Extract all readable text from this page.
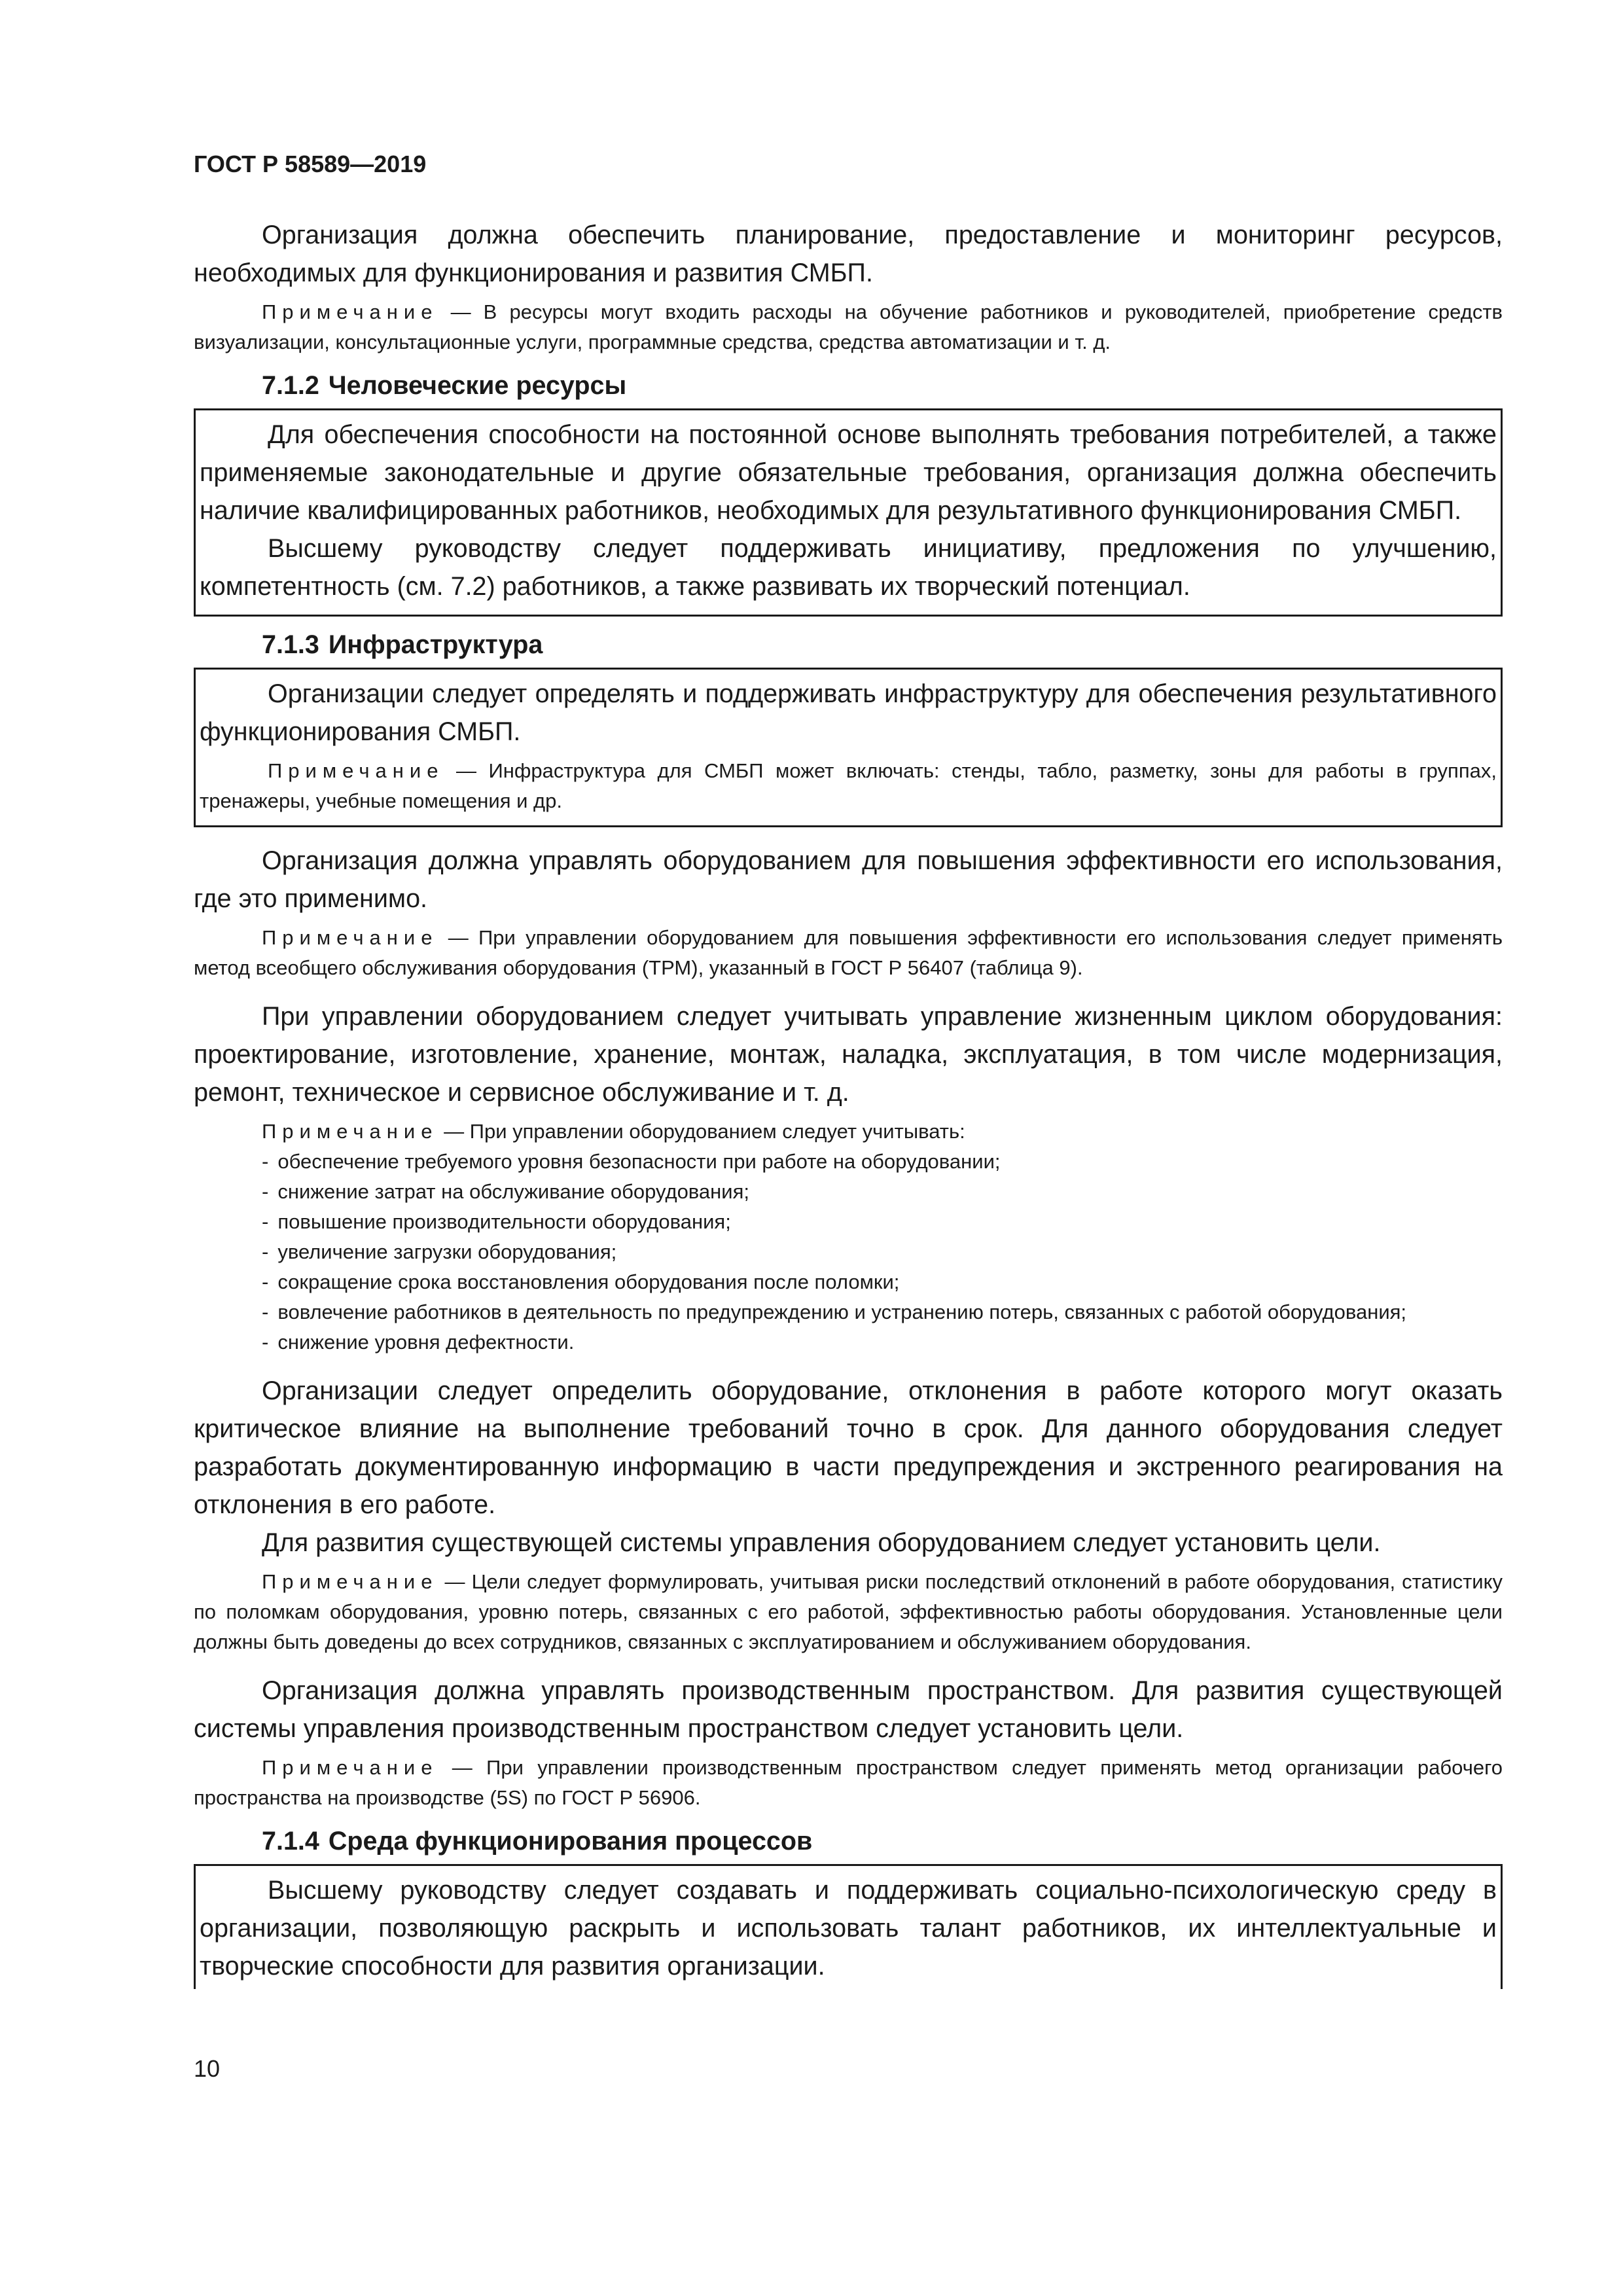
ГОСТ Р 58589—2019

Организация должна обеспечить планирование, предоставление и мониторинг ресурсов, необходимых для функционирования и развития СМБП.

Примечание — В ресурсы могут входить расходы на обучение работников и руководителей, приобретение средств визуализации, консультационные услуги, программные средства, средства автоматизации и т. д.

7.1.2 Человеческие ресурсы

Для обеспечения способности на постоянной основе выполнять требования потребителей, а также применяемые законодательные и другие обязательные требования, организация должна обеспечить наличие квалифицированных работников, необходимых для результативного функционирования СМБП.

Высшему руководству следует поддерживать инициативу, предложения по улучшению, компетентность (см. 7.2) работников, а также развивать их творческий потенциал.

7.1.3 Инфраструктура

Организации следует определять и поддерживать инфраструктуру для обеспечения результативного функционирования СМБП.

Примечание — Инфраструктура для СМБП может включать: стенды, табло, разметку, зоны для работы в группах, тренажеры, учебные помещения и др.

Организация должна управлять оборудованием для повышения эффективности его использования, где это применимо.

Примечание — При управлении оборудованием для повышения эффективности его использования следует применять метод всеобщего обслуживания оборудования (ТРМ), указанный в ГОСТ Р 56407 (таблица 9).

При управлении оборудованием следует учитывать управление жизненным циклом оборудования: проектирование, изготовление, хранение, монтаж, наладка, эксплуатация, в том числе модернизация, ремонт, техническое и сервисное обслуживание и т. д.

Примечание — При управлении оборудованием следует учитывать:

- обеспечение требуемого уровня безопасности при работе на оборудовании;
- снижение затрат на обслуживание оборудования;
- повышение производительности оборудования;
- увеличение загрузки оборудования;
- сокращение срока восстановления оборудования после поломки;
- вовлечение работников в деятельность по предупреждению и устранению потерь, связанных с работой оборудования;
- снижение уровня дефектности.

Организации следует определить оборудование, отклонения в работе которого могут оказать критическое влияние на выполнение требований точно в срок. Для данного оборудования следует разработать документированную информацию в части предупреждения и экстренного реагирования на отклонения в его работе.

Для развития существующей системы управления оборудованием следует установить цели.

Примечание — Цели следует формулировать, учитывая риски последствий отклонений в работе оборудования, статистику по поломкам оборудования, уровню потерь, связанных с его работой, эффективностью работы оборудования. Установленные цели должны быть доведены до всех сотрудников, связанных с эксплуатированием и обслуживанием оборудования.

Организация должна управлять производственным пространством. Для развития существующей системы управления производственным пространством следует установить цели.

Примечание — При управлении производственным пространством следует применять метод организации рабочего пространства на производстве (5S) по ГОСТ Р 56906.

7.1.4 Среда функционирования процессов

Высшему руководству следует создавать и поддерживать социально-психологическую среду в организации, позволяющую раскрыть и использовать талант работников, их интеллектуальные и творческие способности для развития организации.

10
